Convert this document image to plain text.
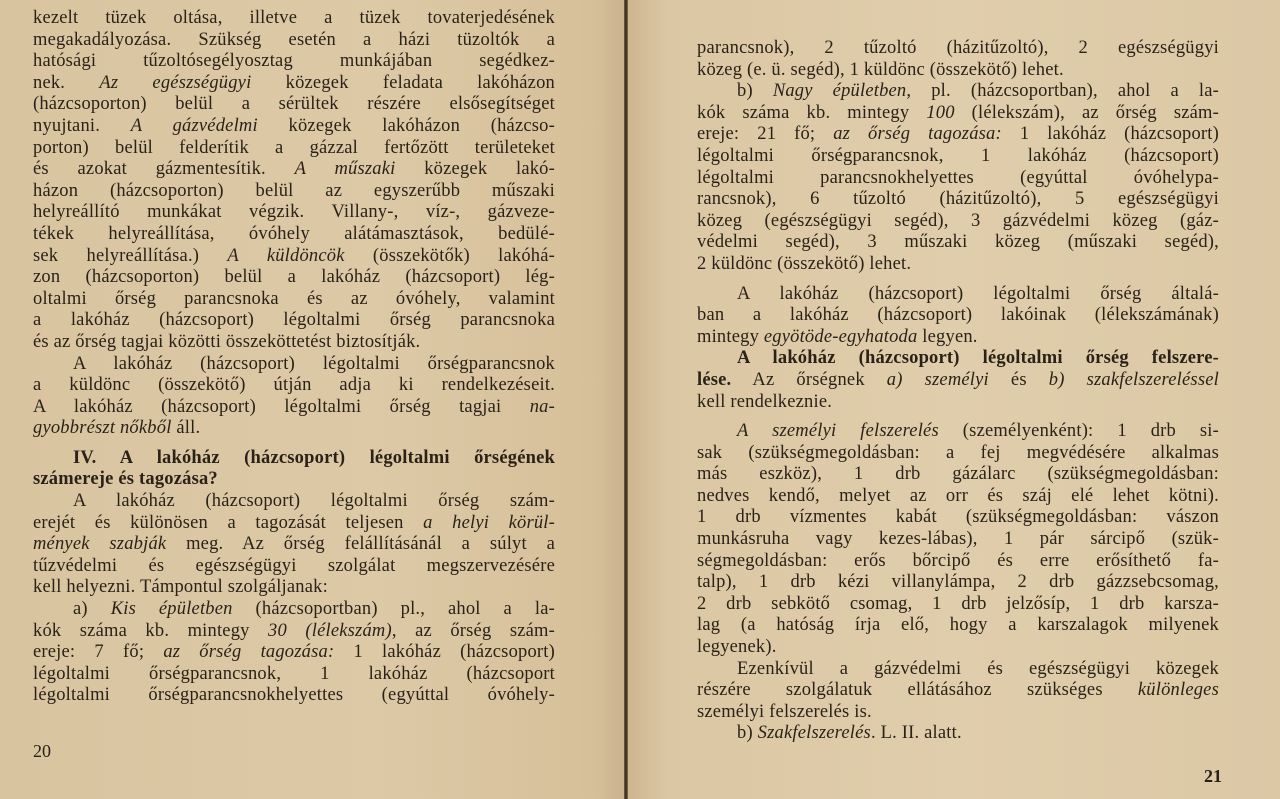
kezelt tüzek oltása, illetve a tüzek tovaterjedésének
megakadályozása. Szükség esetén a házi tüzoltók a
hatósági tűzoltósegélyosztag munkájában segédkez-
nek. Az egészségügyi közegek feladata lakóházon
(házcsoporton) belül a sérültek részére elsősegítséget
nyujtani. A gázvédelmi közegek lakóházon (házcso-
porton) belül felderítik a gázzal fertőzött területeket
és azokat gázmentesítik. A műszaki közegek lakó-
házon (házcsoporton) belül az egyszerűbb műszaki
helyreállító munkákat végzik. Villany-, víz-, gázveze-
tékek helyreállítása, óvóhely alátámasztások, bedülé-
sek helyreállítása.) A küldöncök (összekötők) lakóhá-
zon (házcsoporton) belül a lakóház (házcsoport) lég-
oltalmi őrség parancsnoka és az óvóhely, valamint
a lakóház (házcsoport) légoltalmi őrség parancsnoka
és az őrség tagjai közötti összeköttetést biztosítják.
A lakóház (házcsoport) légoltalmi őrségparancsnok
a küldönc (összekötő) útján adja ki rendelkezéseit.
A lakóház (házcsoport) légoltalmi őrség tagjai na-
gyobbrészt nőkből áll.
IV. A lakóház (házcsoport) légoltalmi őrségének
számereje és tagozása?
A lakóház (házcsoport) légoltalmi őrség szám-
erejét és különösen a tagozását teljesen a helyi körül-
mények szabják meg. Az őrség felállításánál a súlyt a
tűzvédelmi és egészségügyi szolgálat megszervezésére
kell helyezni. Támpontul szolgáljanak:
a) Kis épületben (házcsoportban) pl., ahol a la-
kók száma kb. mintegy 30 (lélekszám), az őrség szám-
ereje: 7 fő; az őrség tagozása: 1 lakóház (házcsoport)
légoltalmi őrségparancsnok, 1 lakóház (házcsoport
légoltalmi őrségparancsnokhelyettes (egyúttal óvóhely-
20
parancsnok), 2 tűzoltó (házitűzoltó), 2 egészségügyi
közeg (e. ü. segéd), 1 küldönc (összekötő) lehet.
b) Nagy épületben, pl. (házcsoportban), ahol a la-
kók száma kb. mintegy 100 (lélekszám), az őrség szám-
ereje: 21 fő; az őrség tagozása: 1 lakóház (házcsoport)
légoltalmi őrségparancsnok, 1 lakóház (házcsoport)
légoltalmi parancsnokhelyettes (egyúttal óvóhelypa-
rancsnok), 6 tűzoltó (házitűzoltó), 5 egészségügyi
közeg (egészségügyi segéd), 3 gázvédelmi közeg (gáz-
védelmi segéd), 3 műszaki közeg (műszaki segéd),
2 küldönc (összekötő) lehet.
A lakóház (házcsoport) légoltalmi őrség általá-
ban a lakóház (házcsoport) lakóinak (lélekszámának)
mintegy egyötöde-egyhatoda legyen.
A lakóház (házcsoport) légoltalmi őrség felszere-
lése. Az őrségnek a) személyi és b) szakfelszereléssel
kell rendelkeznie.
A személyi felszerelés (személyenként): 1 drb si-
sak (szükségmegoldásban: a fej megvédésére alkalmas
más eszköz), 1 drb gázálarc (szükségmegoldásban:
nedves kendő, melyet az orr és száj elé lehet kötni).
1 drb vízmentes kabát (szükségmegoldásban: vászon
munkásruha vagy kezes-lábas), 1 pár sárcipő (szük-
ségmegoldásban: erős bőrcipő és erre erősíthető fa-
talp), 1 drb kézi villanylámpa, 2 drb gázzsebcsomag,
2 drb sebkötő csomag, 1 drb jelzősíp, 1 drb karsza-
lag (a hatóság írja elő, hogy a karszalagok milyenek
legyenek).
Ezenkívül a gázvédelmi és egészségügyi közegek
részére szolgálatuk ellátásához szükséges különleges
személyi felszerelés is.
b) Szakfelszerelés. L. II. alatt.
21
